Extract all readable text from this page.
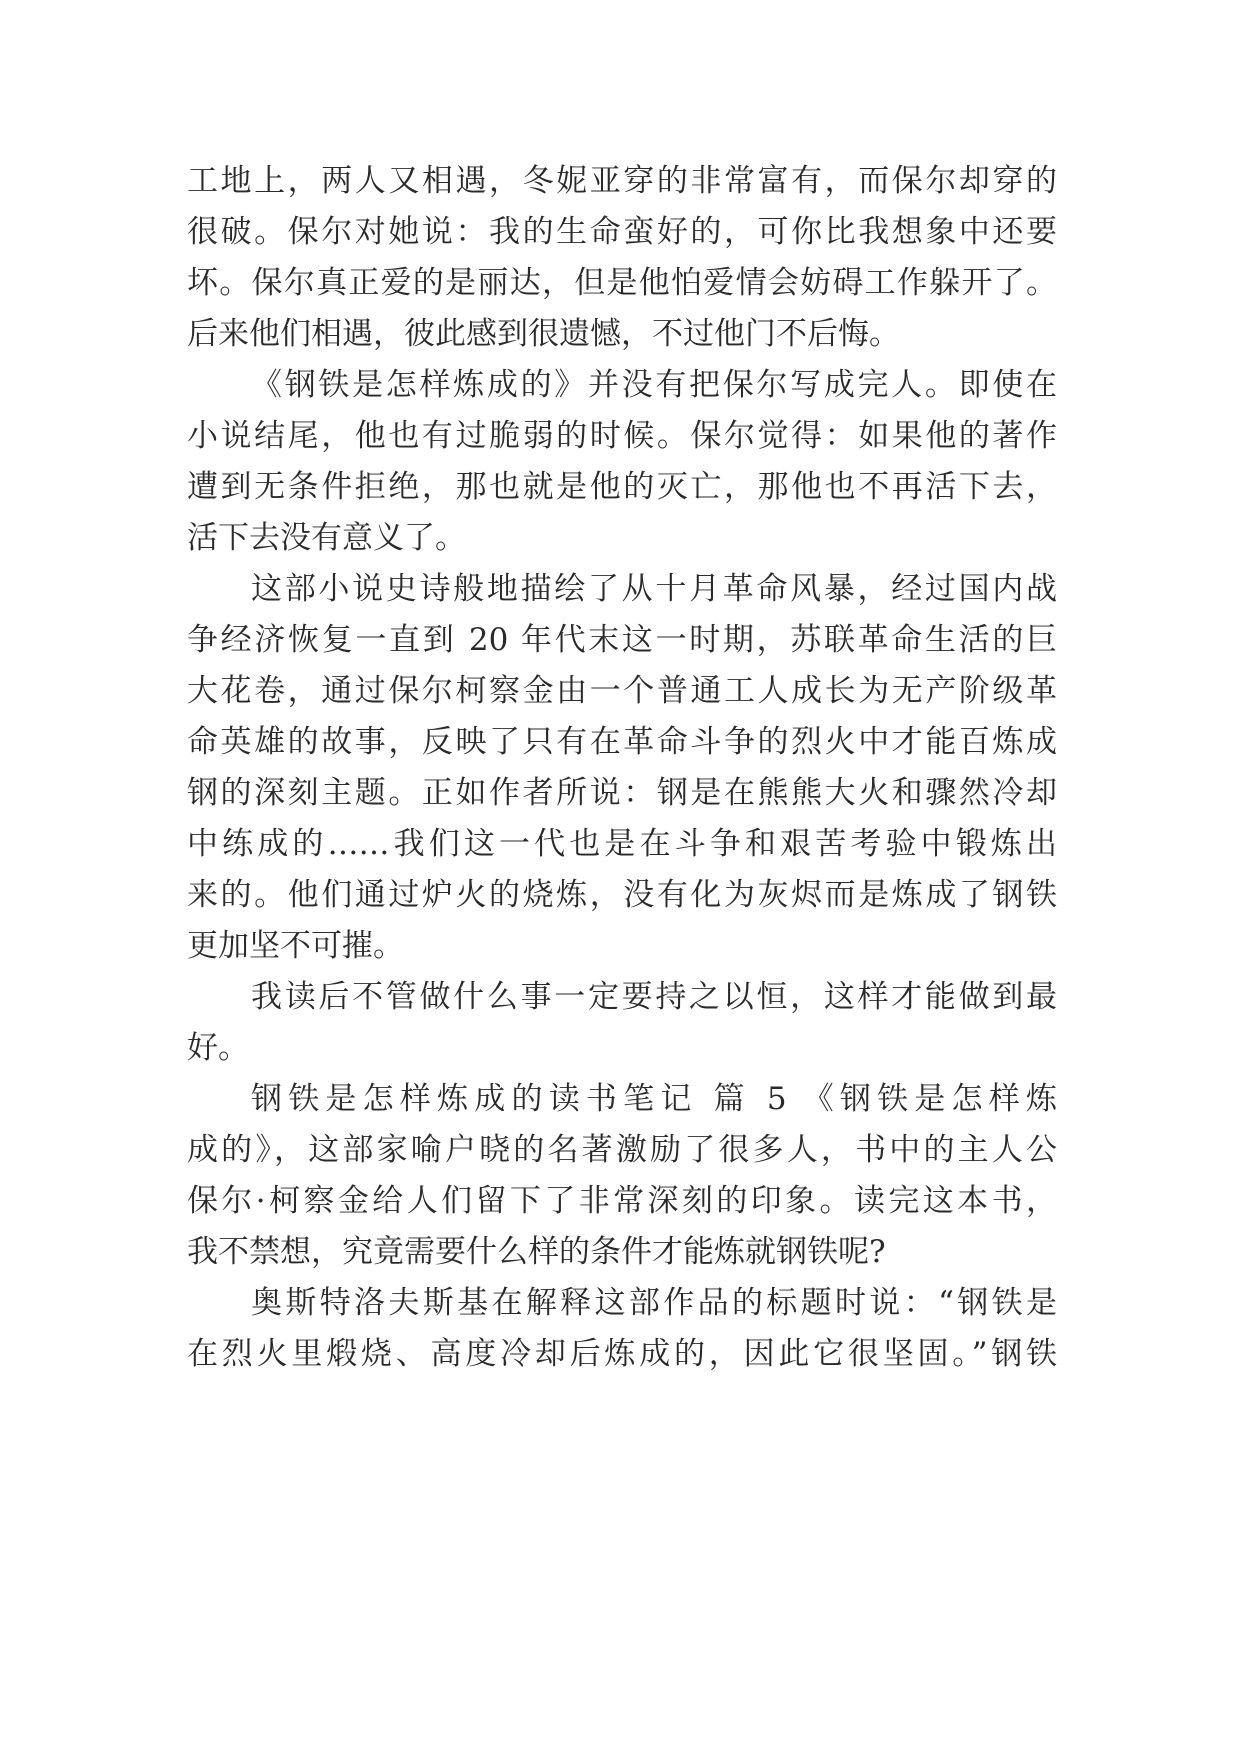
工地上，两人又相遇，冬妮亚穿的非常富有，而保尔却穿的
很破。保尔对她说：我的生命蛮好的，可你比我想象中还要
坏。保尔真正爱的是丽达，但是他怕爱情会妨碍工作躲开了。
后来他们相遇，彼此感到很遗憾，不过他门不后悔。
《钢铁是怎样炼成的》并没有把保尔写成完人。即使在
小说结尾，他也有过脆弱的时候。保尔觉得：如果他的著作
遭到无条件拒绝，那也就是他的灭亡，那他也不再活下去，
活下去没有意义了。
这部小说史诗般地描绘了从十月革命风暴，经过国内战
争经济恢复一直到 20 年代末这一时期，苏联革命生活的巨
大花卷，通过保尔柯察金由一个普通工人成长为无产阶级革
命英雄的故事，反映了只有在革命斗争的烈火中才能百炼成
钢的深刻主题。正如作者所说：钢是在熊熊大火和骤然冷却
中练成的……我们这一代也是在斗争和艰苦考验中锻炼出
来的。他们通过炉火的烧炼，没有化为灰烬而是炼成了钢铁
更加坚不可摧。
我读后不管做什么事一定要持之以恒，这样才能做到最
好。
钢铁是怎样炼成的读书笔记 篇 5 《钢铁是怎样炼
成的》，这部家喻户晓的名著激励了很多人，书中的主人公
保尔·柯察金给人们留下了非常深刻的印象。读完这本书，
我不禁想，究竟需要什么样的条件才能炼就钢铁呢?
奥斯特洛夫斯基在解释这部作品的标题时说：“钢铁是
在烈火里煅烧、高度冷却后炼成的，因此它很坚固。”钢铁
